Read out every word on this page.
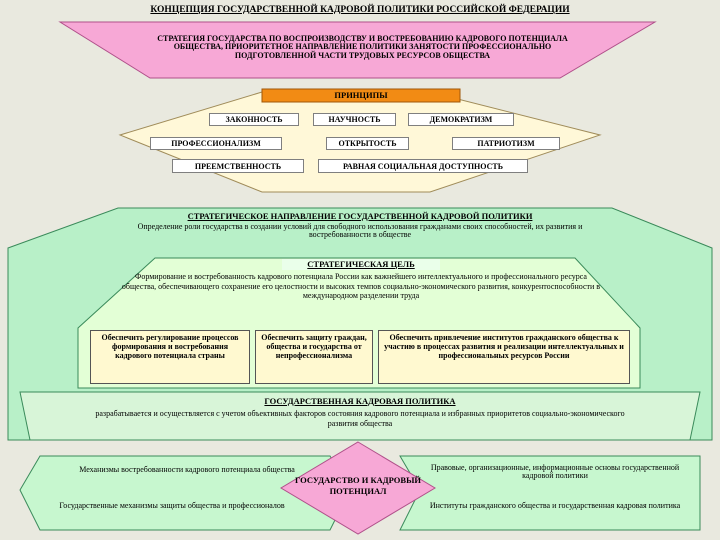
КОНЦЕПЦИЯ ГОСУДАРСТВЕННОЙ КАДРОВОЙ ПОЛИТИКИ РОССИЙСКОЙ ФЕДЕРАЦИИ
СТРАТЕГИЯ ГОСУДАРСТВА ПО ВОСПРОИЗВОДСТВУ И ВОСТРЕБОВАНИЮ КАДРОВОГО ПОТЕНЦИАЛА ОБЩЕСТВА, ПРИОРИТЕТНОЕ НАПРАВЛЕНИЕ ПОЛИТИКИ ЗАНЯТОСТИ ПРОФЕССИОНАЛЬНО ПОДГОТОВЛЕННОЙ ЧАСТИ ТРУДОВЫХ РЕСУРСОВ ОБЩЕСТВА
ПРИНЦИПЫ
ЗАКОННОСТЬ	НАУЧНОСТЬ	ДЕМОКРАТИЗМ
ПРОФЕССИОНАЛИЗМ	ОТКРЫТОСТЬ	ПАТРИОТИЗМ
ПРЕЕМСТВЕННОСТЬ	РАВНАЯ СОЦИАЛЬНАЯ ДОСТУПНОСТЬ
СТРАТЕГИЧЕСКОЕ НАПРАВЛЕНИЕ ГОСУДАРСТВЕННОЙ КАДРОВОЙ ПОЛИТИКИ
Определение роли государства в создании условий для свободного использования гражданами своих способностей, их развития и востребованности в обществе
СТРАТЕГИЧЕСКАЯ ЦЕЛЬ
Формирование и востребованность кадрового потенциала России как важнейшего интеллектуального и профессионального ресурса общества, обеспечивающего сохранение его целостности и высоких темпов социально-экономического развития, конкурентоспособности в международном разделении труда
Обеспечить регулирование процессов формирования и востребования кадрового потенциала страны
Обеспечить защиту граждан, общества и государства от непрофессионализма
Обеспечить привлечение институтов гражданского общества к участию в процессах развития и реализации интеллектуальных и профессиональных ресурсов России
ГОСУДАРСТВЕННАЯ КАДРОВАЯ ПОЛИТИКА
разрабатывается и осуществляется с учетом объективных факторов состояния кадрового потенциала и избранных приоритетов социально-экономического развития общества
Механизмы востребованности кадрового потенциала общества
Государственные механизмы защиты общества и профессионалов
ГОСУДАРСТВО И КАДРОВЫЙ ПОТЕНЦИАЛ
Правовые, организационные, информационные основы государственной кадровой политики
Институты гражданского общества и государственная кадровая политика
